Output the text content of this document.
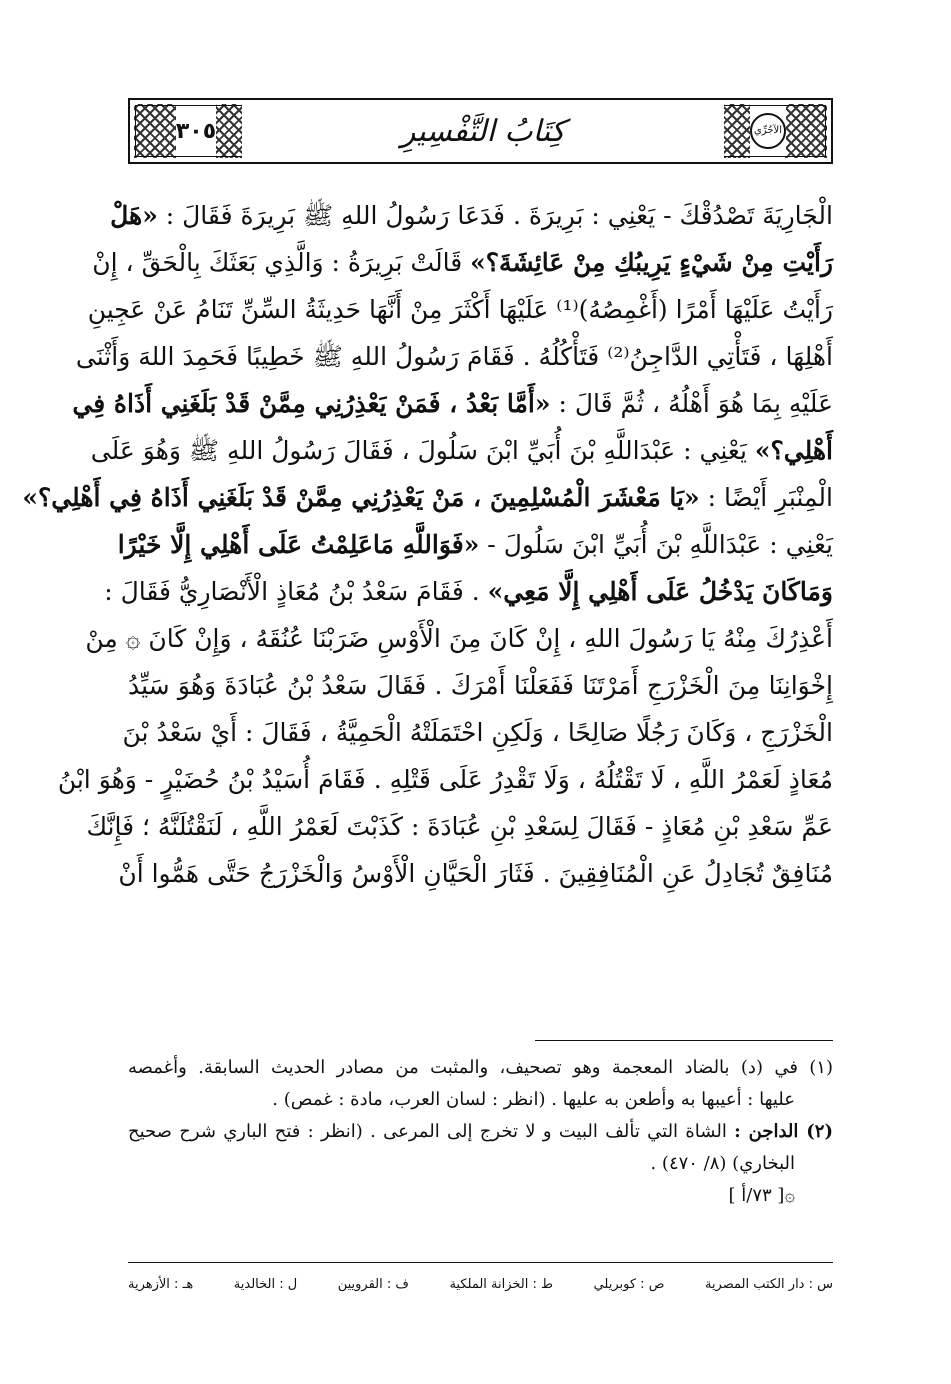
٣٠٥	كِتَابُ التَّفْسِيرِ	الآجُرِّي
الْجَارِيَةَ تَصْدُقْكَ - يَعْنِي : بَرِيرَةَ . فَدَعَا رَسُولُ اللهِ ﷺ بَرِيرَةَ فَقَالَ : «هَلْ
رَأَيْتِ مِنْ شَيْءٍ يَرِيبُكِ مِنْ عَائِشَةَ؟» قَالَتْ بَرِيرَةُ : وَالَّذِي بَعَثَكَ بِالْحَقِّ ، إِنْ
رَأَيْتُ عَلَيْهَا أَمْرًا (أَغْمِصُهُ)⁽¹⁾ عَلَيْهَا أَكْثَرَ مِنْ أَنَّهَا حَدِيثَةُ السِّنِّ تَنَامُ عَنْ عَجِينِ
أَهْلِهَا ، فَتَأْتِي الدَّاجِنُ⁽²⁾ فَتَأْكُلُهُ . فَقَامَ رَسُولُ اللهِ ﷺ خَطِيبًا فَحَمِدَ اللهَ وَأَثْنَى
عَلَيْهِ بِمَا هُوَ أَهْلُهُ ، ثُمَّ قَالَ : «أَمَّا بَعْدُ ، فَمَنْ يَعْذِرُنِي مِمَّنْ قَدْ بَلَغَنِي أَذَاهُ فِي
أَهْلِي؟» يَعْنِي : عَبْدَاللَّهِ بْنَ أُبَيِّ ابْنَ سَلُولَ ، فَقَالَ رَسُولُ اللهِ ﷺ وَهُوَ عَلَى
الْمِنْبَرِ أَيْضًا : «يَا مَعْشَرَ الْمُسْلِمِينَ ، مَنْ يَعْذِرُنِي مِمَّنْ قَدْ بَلَغَنِي أَذَاهُ فِي أَهْلِي؟»
يَعْنِي : عَبْدَاللَّهِ بْنَ أُبَيِّ ابْنَ سَلُولَ - «فَوَاللَّهِ مَاعَلِمْتُ عَلَى أَهْلِي إِلَّا خَيْرًا
وَمَاكَانَ يَدْخُلُ عَلَى أَهْلِي إِلَّا مَعِي» . فَقَامَ سَعْدُ بْنُ مُعَاذٍ الْأَنْصَارِيُّ فَقَالَ :
أَعْذِرُكَ مِنْهُ يَا رَسُولَ اللهِ ، إِنْ كَانَ مِنَ الْأَوْسِ ضَرَبْنَا عُنُقَهُ ، وَإِنْ كَانَ ۞ مِنْ
إِخْوَانِنَا مِنَ الْخَزْرَجِ أَمَرْتَنَا فَفَعَلْنَا أَمْرَكَ . فَقَالَ سَعْدُ بْنُ عُبَادَةَ وَهُوَ سَيِّدُ
الْخَزْرَجِ ، وَكَانَ رَجُلًا صَالِحًا ، وَلَكِنِ احْتَمَلَتْهُ الْحَمِيَّةُ ، فَقَالَ : أَيْ سَعْدُ بْنَ
مُعَاذٍ لَعَمْرُ اللَّهِ ، لَا تَقْتُلُهُ ، وَلَا تَقْدِرُ عَلَى قَتْلِهِ . فَقَامَ أُسَيْدُ بْنُ حُضَيْرٍ - وَهُوَ ابْنُ
عَمِّ سَعْدِ بْنِ مُعَاذٍ - فَقَالَ لِسَعْدِ بْنِ عُبَادَةَ : كَذَبْتَ لَعَمْرُ اللَّهِ ، لَنَقْتُلَنَّهُ ؛ فَإِنَّكَ
مُنَافِقٌ تُجَادِلُ عَنِ الْمُنَافِقِينَ . فَثَارَ الْحَيَّانِ الْأَوْسُ وَالْخَزْرَجُ حَتَّى هَمُّوا أَنْ
(١) في (د) بالضاد المعجمة وهو تصحيف، والمثبت من مصادر الحديث السابقة. وأغمصه
عليها : أعيبها به وأطعن به عليها . (انظر : لسان العرب، مادة : غمص) .
(٢) الداجن : الشاة التي تألف البيت و لا تخرج إلى المرعى . (انظر : فتح الباري شرح صحيح
البخاري) (٨/ ٤٧٠) .
۞[ ٧٣/أ ]
س : دار الكتب المصرية
ص : كوبريلي
ط : الخزانة الملكية
ف : القرويين
ل : الخالدية
هـ : الأزهرية
